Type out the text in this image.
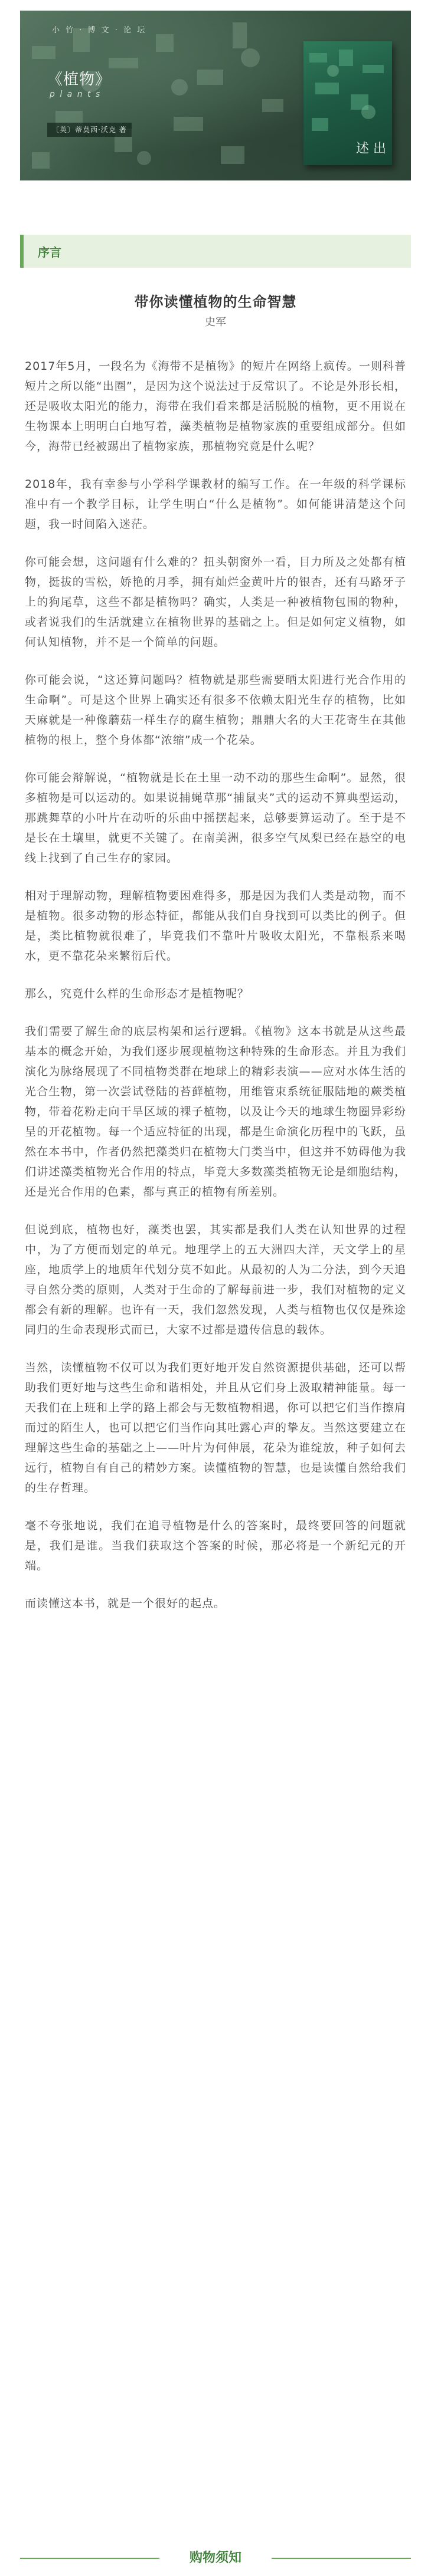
小 竹 · 博 文 · 论 坛
《植物》
p l a n t s
〔英〕蒂莫西·沃克 著
述 出
序言
带你读懂植物的生命智慧
史军

2017年5月，一段名为《海带不是植物》的短片在网络上疯传。一则科普短片之所以能“出圈”，是因为这个说法过于反常识了。不论是外形长相，还是吸收太阳光的能力，海带在我们看来都是活脱脱的植物，更不用说在生物课本上明明白白地写着，藻类植物是植物家族的重要组成部分。但如今，海带已经被踢出了植物家族，那植物究竟是什么呢？

2018年，我有幸参与小学科学课教材的编写工作。在一年级的科学课标准中有一个教学目标，让学生明白“什么是植物”。如何能讲清楚这个问题，我一时间陷入迷茫。

你可能会想，这问题有什么难的？扭头朝窗外一看，目力所及之处都有植物，挺拔的雪松，娇艳的月季，拥有灿烂金黄叶片的银杏，还有马路牙子上的狗尾草，这些不都是植物吗？确实，人类是一种被植物包围的物种，或者说我们的生活就建立在植物世界的基础之上。但是如何定义植物，如何认知植物，并不是一个简单的问题。

你可能会说，“这还算问题吗？植物就是那些需要晒太阳进行光合作用的生命啊”。可是这个世界上确实还有很多不依赖太阳光生存的植物，比如天麻就是一种像蘑菇一样生存的腐生植物；鼎鼎大名的大王花寄生在其他植物的根上，整个身体都“浓缩”成一个花朵。

你可能会辩解说，“植物就是长在土里一动不动的那些生命啊”。显然，很多植物是可以运动的。如果说捕蝇草那“捕鼠夹”式的运动不算典型运动，那跳舞草的小叶片在动听的乐曲中摇摆起来，总够要算运动了。至于是不是长在土壤里，就更不关键了。在南美洲，很多空气凤梨已经在悬空的电线上找到了自己生存的家园。

相对于理解动物，理解植物要困难得多，那是因为我们人类是动物，而不是植物。很多动物的形态特征，都能从我们自身找到可以类比的例子。但是，类比植物就很难了，毕竟我们不靠叶片吸收太阳光，不靠根系来喝水，更不靠花朵来繁衍后代。

那么，究竟什么样的生命形态才是植物呢？

我们需要了解生命的底层构架和运行逻辑。《植物》这本书就是从这些最基本的概念开始，为我们逐步展现植物这种特殊的生命形态。并且为我们演化为脉络展现了不同植物类群在地球上的精彩表演——应对水体生活的光合生物，第一次尝试登陆的苔藓植物，用维管束系统征服陆地的蕨类植物，带着花粉走向干旱区域的裸子植物，以及让今天的地球生物圈异彩纷呈的开花植物。每一个适应特征的出现，都是生命演化历程中的飞跃，虽然在本书中，作者仍然把藻类归在植物大门类当中，但这并不妨碍他为我们讲述藻类植物光合作用的特点，毕竟大多数藻类植物无论是细胞结构，还是光合作用的色素，都与真正的植物有所差别。

但说到底，植物也好，藻类也罢，其实都是我们人类在认知世界的过程中，为了方便而划定的单元。地理学上的五大洲四大洋，天文学上的星座，地质学上的地质年代划分莫不如此。从最初的人为二分法，到今天追寻自然分类的原则，人类对于生命的了解每前进一步，我们对植物的定义都会有新的理解。也许有一天，我们忽然发现，人类与植物也仅仅是殊途同归的生命表现形式而已，大家不过都是遗传信息的载体。

当然，读懂植物不仅可以为我们更好地开发自然资源提供基础，还可以帮助我们更好地与这些生命和谐相处，并且从它们身上汲取精神能量。每一天我们在上班和上学的路上都会与无数植物相遇，你可以把它们当作擦肩而过的陌生人，也可以把它们当作向其吐露心声的挚友。当然这要建立在理解这些生命的基础之上——叶片为何伸展，花朵为谁绽放，种子如何去远行，植物自有自己的精妙方案。读懂植物的智慧，也是读懂自然给我们的生存哲理。

毫不夸张地说，我们在追寻植物是什么的答案时，最终要回答的问题就是，我们是谁。当我们获取这个答案的时候，那必将是一个新纪元的开端。

而读懂这本书，就是一个很好的起点。

购物须知
